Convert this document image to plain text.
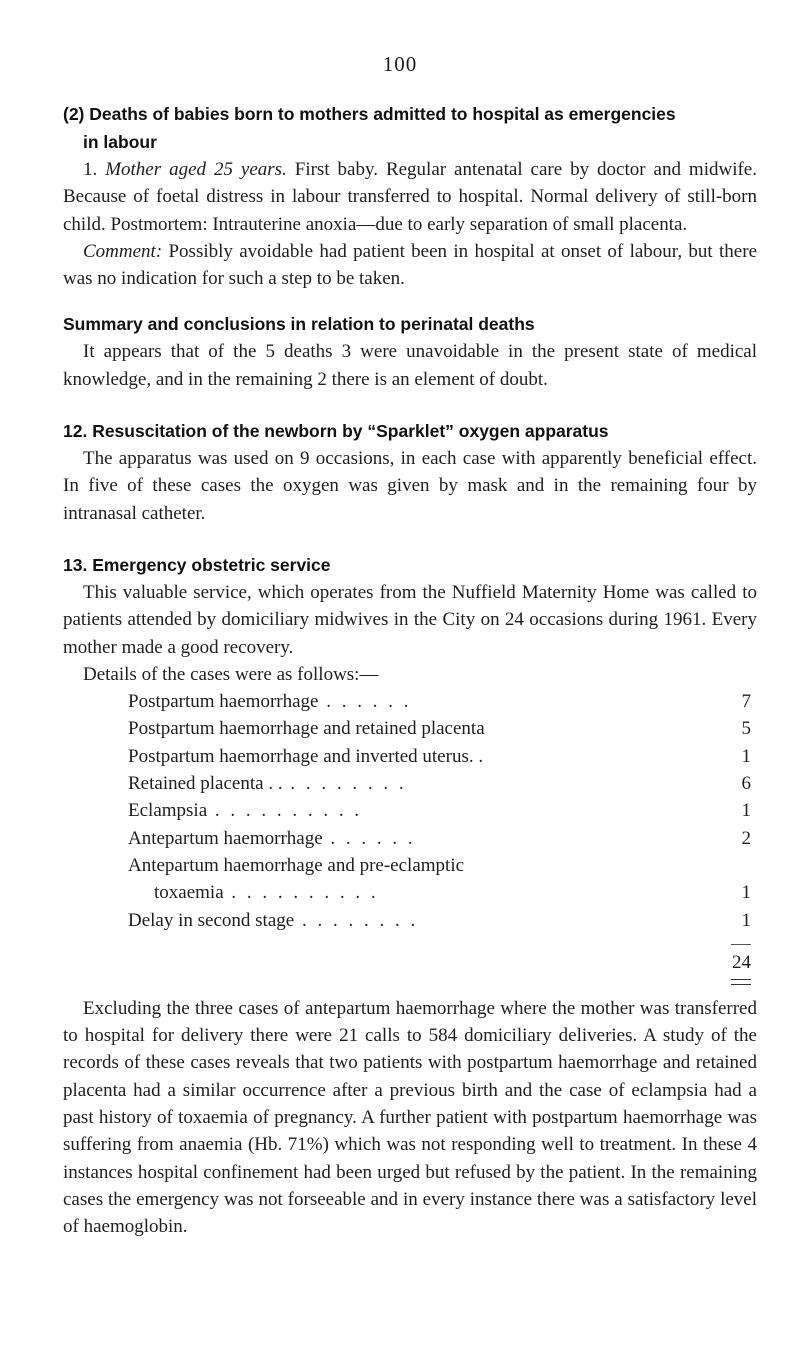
100
(2) Deaths of babies born to mothers admitted to hospital as emergencies
in labour

1. Mother aged 25 years. First baby. Regular antenatal care by doctor and midwife. Because of foetal distress in labour transferred to hospital. Normal delivery of still-born child. Postmortem: Intrauterine anoxia—due to early separation of small placenta.

Comment: Possibly avoidable had patient been in hospital at onset of labour, but there was no indication for such a step to be taken.

Summary and conclusions in relation to perinatal deaths

It appears that of the 5 deaths 3 were unavoidable in the present state of medical knowledge, and in the remaining 2 there is an element of doubt.

12. Resuscitation of the newborn by “Sparklet” oxygen apparatus

The apparatus was used on 9 occasions, in each case with apparently beneficial effect. In five of these cases the oxygen was given by mask and in the remaining four by intranasal catheter.

13. Emergency obstetric service

This valuable service, which operates from the Nuffield Maternity Home was called to patients attended by domiciliary midwives in the City on 24 occasions during 1961. Every mother made a good recovery.

Details of the cases were as follows:—

Postpartum haemorrhage . . . . . .	7
Postpartum haemorrhage and retained placenta	5
Postpartum haemorrhage and inverted uterus. .	1
Retained placenta . . . . . . . . . .	6
Eclampsia . . . . . . . . . .	1
Antepartum haemorrhage . . . . . .	2
Antepartum haemorrhage and pre-eclamptic
toxaemia . . . . . . . . . .	1
Delay in second stage . . . . . . . .	1
24

Excluding the three cases of antepartum haemorrhage where the mother was transferred to hospital for delivery there were 21 calls to 584 domiciliary deliveries. A study of the records of these cases reveals that two patients with postpartum haemorrhage and retained placenta had a similar occurrence after a previous birth and the case of eclampsia had a past history of toxaemia of pregnancy. A further patient with postpartum haemorrhage was suffering from anaemia (Hb. 71%) which was not responding well to treatment. In these 4 instances hospital confinement had been urged but refused by the patient. In the remaining cases the emergency was not forseeable and in every instance there was a satisfactory level of haemoglobin.
